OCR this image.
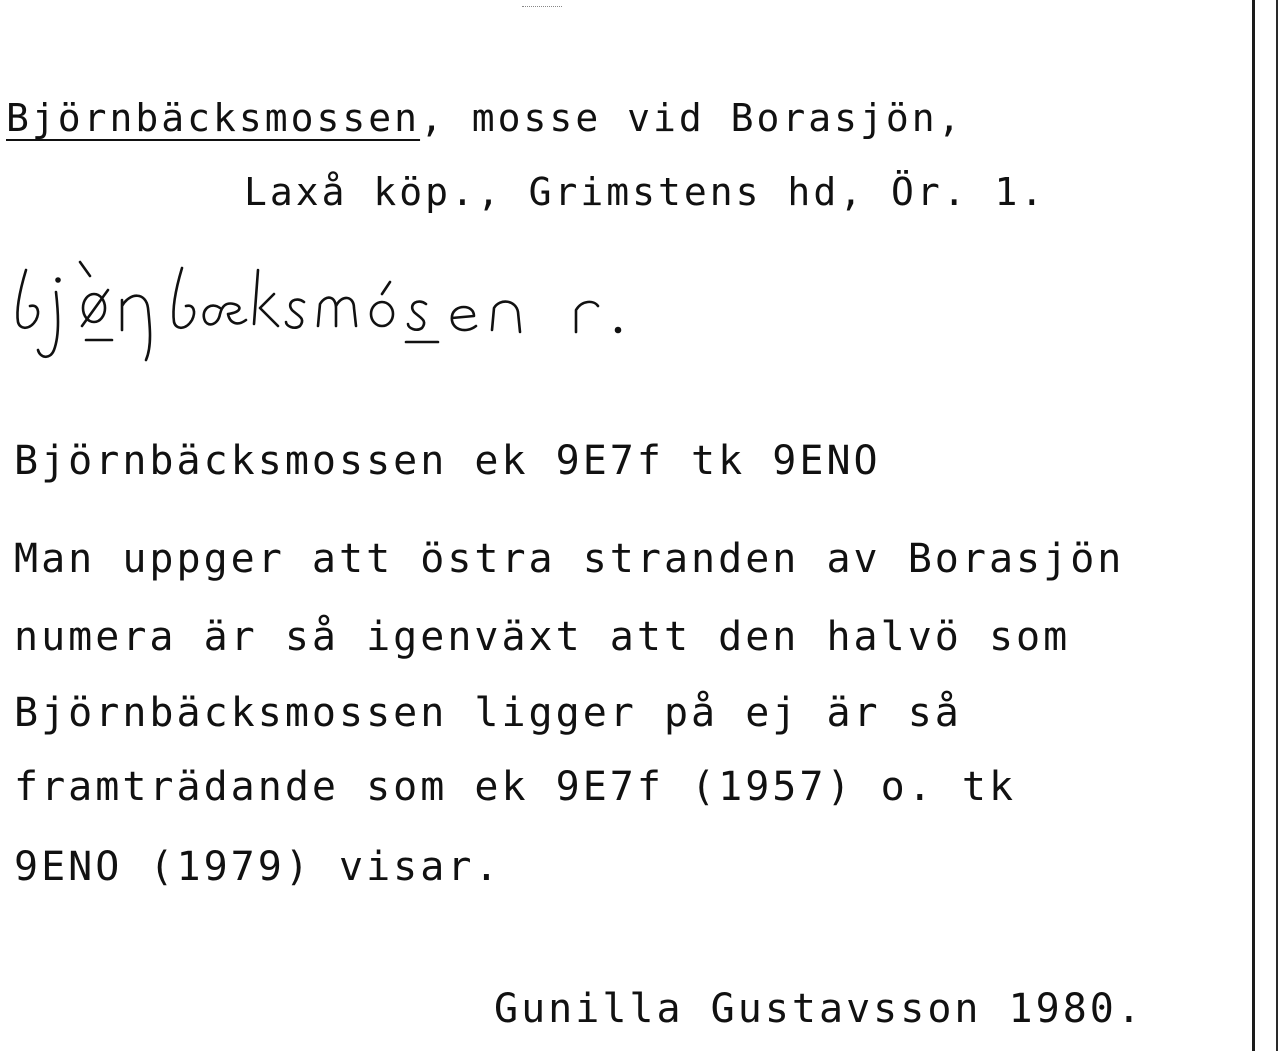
Björnbäcksmossen, mosse vid Borasjön,
Laxå köp., Grimstens hd, Ör. 1.
Björnbäcksmossen ek 9E7f tk 9ENO
Man uppger att östra stranden av Borasjön
numera är så igenväxt att den halvö som
Björnbäcksmossen ligger på ej är så
framträdande som ek 9E7f (1957) o. tk
9ENO (1979) visar.
Gunilla Gustavsson 1980.
